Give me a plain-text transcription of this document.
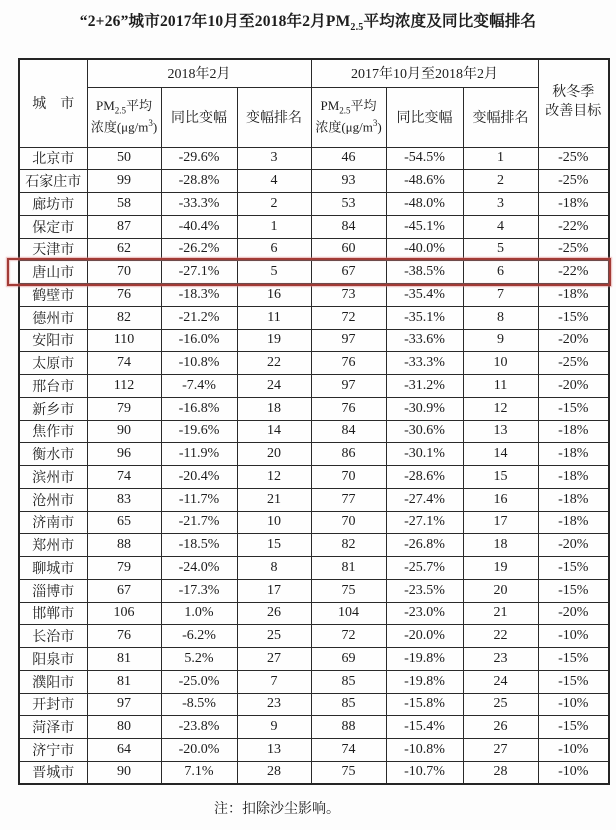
“2+26”城市2017年10月至2018年2月$PM_{2.5}$平均浓度及同比变幅排名
城　市	2018年2月			2017年10月至2018年2月			秋冬季
改善目标
	$PM_{2.5}$平均浓度$(\mu g/m^3)$	同比变幅	变幅排名	$PM_{2.5}$平均浓度$(\mu g/m^3)$	同比变幅	变幅排名	
北京市	50	-29.6%	3	46	-54.5%	1	-25%
石家庄市	99	-28.8%	4	93	-48.6%	2	-25%
廊坊市	58	-33.3%	2	53	-48.0%	3	-18%
保定市	87	-40.4%	1	84	-45.1%	4	-22%
天津市	62	-26.2%	6	60	-40.0%	5	-25%
唐山市	70	-27.1%	5	67	-38.5%	6	-22%
鹤壁市	76	-18.3%	16	73	-35.4%	7	-18%
德州市	82	-21.2%	11	72	-35.1%	8	-15%
安阳市	110	-16.0%	19	97	-33.6%	9	-20%
太原市	74	-10.8%	22	76	-33.3%	10	-25%
邢台市	112	-7.4%	24	97	-31.2%	11	-20%
新乡市	79	-16.8%	18	76	-30.9%	12	-15%
焦作市	90	-19.6%	14	84	-30.6%	13	-18%
衡水市	96	-11.9%	20	86	-30.1%	14	-18%
滨州市	74	-20.4%	12	70	-28.6%	15	-18%
沧州市	83	-11.7%	21	77	-27.4%	16	-18%
济南市	65	-21.7%	10	70	-27.1%	17	-18%
郑州市	88	-18.5%	15	82	-26.8%	18	-20%
聊城市	79	-24.0%	8	81	-25.7%	19	-15%
淄博市	67	-17.3%	17	75	-23.5%	20	-15%
邯郸市	106	1.0%	26	104	-23.0%	21	-20%
长治市	76	-6.2%	25	72	-20.0%	22	-10%
阳泉市	81	5.2%	27	69	-19.8%	23	-15%
濮阳市	81	-25.0%	7	85	-19.8%	24	-15%
开封市	97	-8.5%	23	85	-15.8%	25	-10%
菏泽市	80	-23.8%	9	88	-15.4%	26	-15%
济宁市	64	-20.0%	13	74	-10.8%	27	-10%
晋城市	90	7.1%	28	75	-10.7%	28	-10%
注：扣除沙尘影响。
